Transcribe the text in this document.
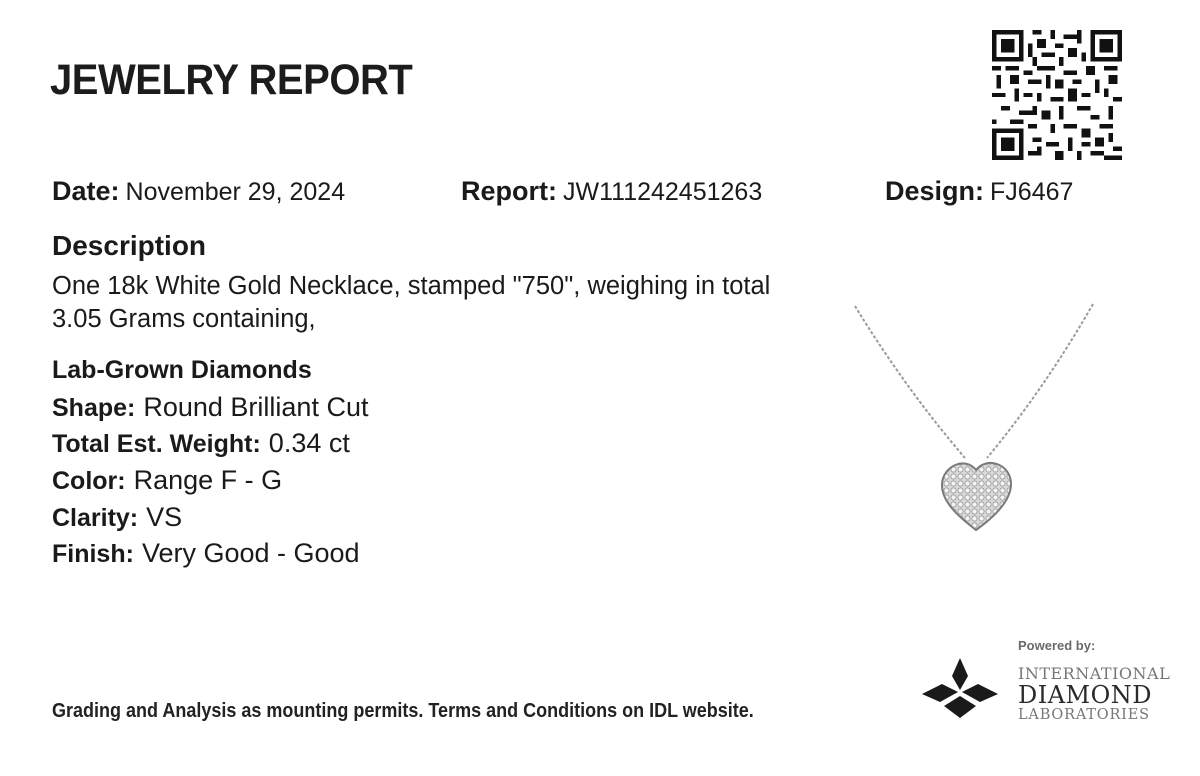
JEWELRY REPORT
Date: November 29, 2024	Report: JW111242451263	Design: FJ6467
Description
One 18k White Gold Necklace, stamped "750", weighing in total 3.05 Grams containing,
Lab-Grown Diamonds
Shape: Round Brilliant Cut
Total Est. Weight: 0.34 ct
Color: Range F - G
Clarity: VS
Finish: Very Good - Good
Grading and Analysis as mounting permits. Terms and Conditions on IDL website.
Powered by:
INTERNATIONAL
DIAMOND
LABORATORIES
